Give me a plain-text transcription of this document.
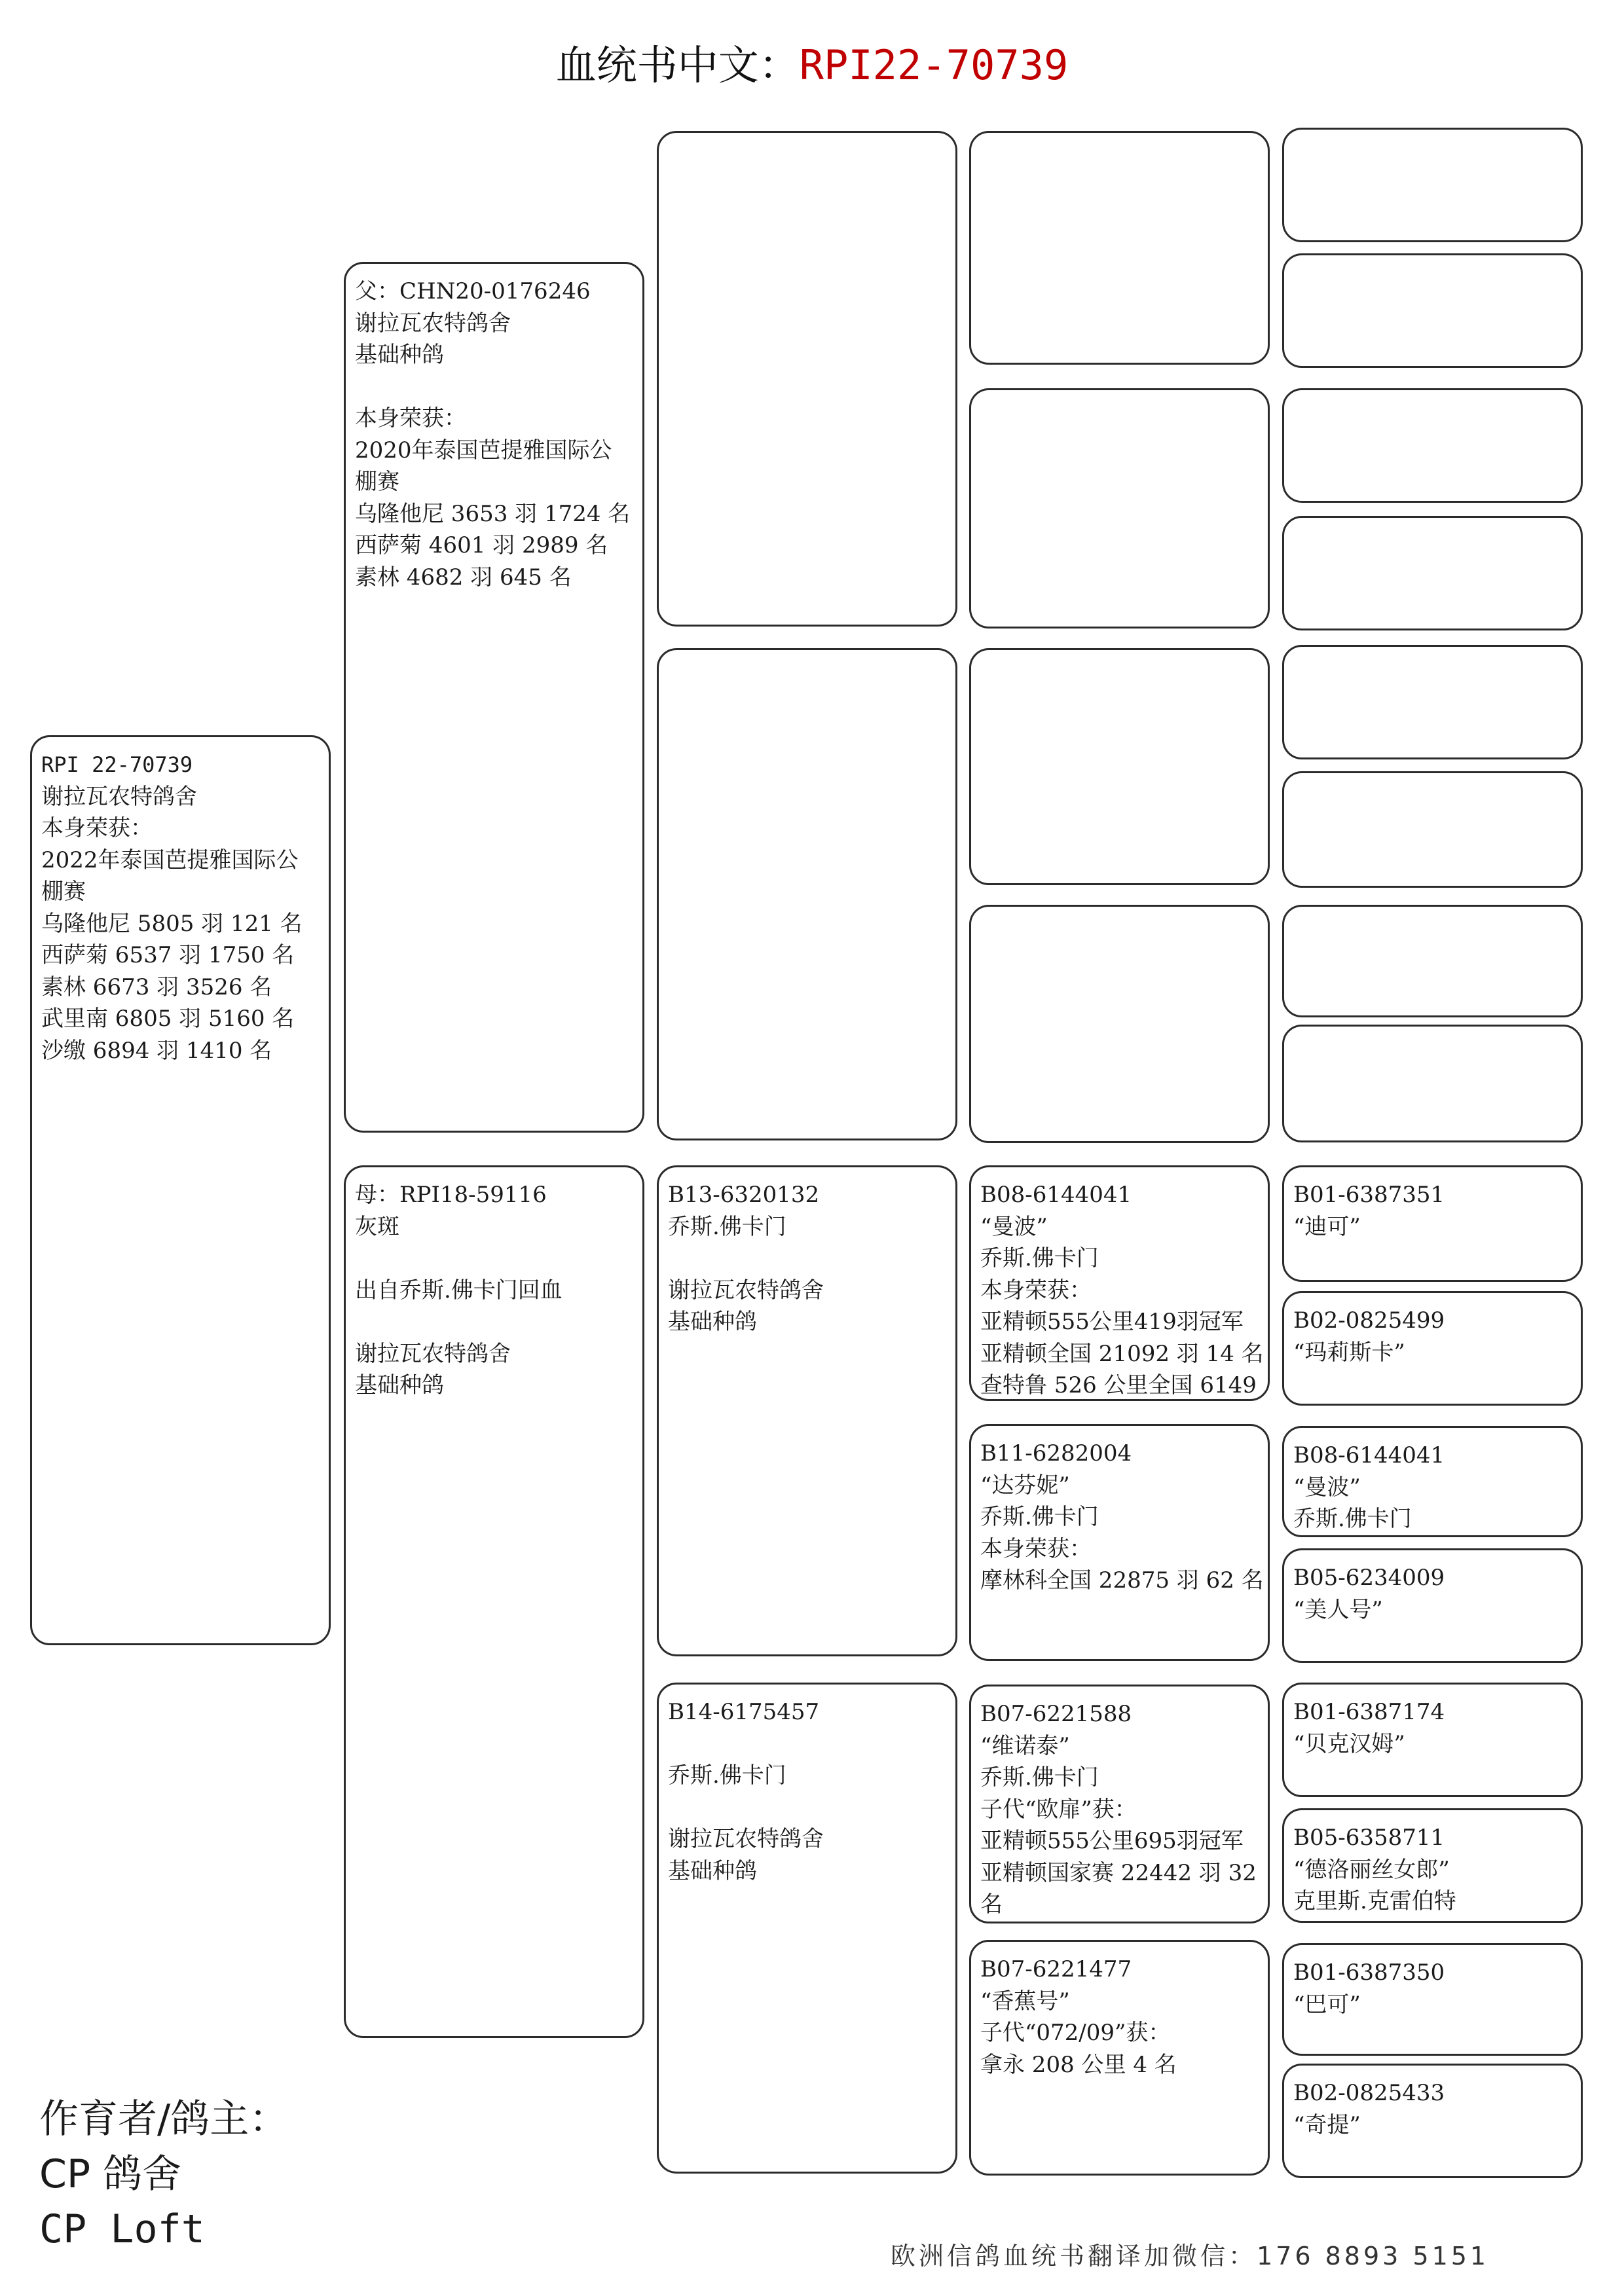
血统书中文：RPI22-70739
RPI 22-70739
谢拉瓦农特鸽舍
本身荣获：
2022年泰国芭提雅国际公
棚赛
乌隆他尼 5805 羽 121 名
西萨菊 6537 羽 1750 名
素林 6673 羽 3526 名
武里南 6805 羽 5160 名
沙缴 6894 羽 1410 名
父：CHN20-0176246
谢拉瓦农特鸽舍
基础种鸽
本身荣获：
2020年泰国芭提雅国际公
棚赛
乌隆他尼 3653 羽 1724 名
西萨菊 4601 羽 2989 名
素林 4682 羽 645 名
母：RPI18-59116
灰斑
出自乔斯.佛卡门回血
谢拉瓦农特鸽舍
基础种鸽
B13-6320132
乔斯.佛卡门
谢拉瓦农特鸽舍
基础种鸽
B14-6175457
乔斯.佛卡门
谢拉瓦农特鸽舍
基础种鸽
B08-6144041
“曼波”
乔斯.佛卡门
本身荣获：
亚精顿555公里419羽冠军
亚精顿全国 21092 羽 14 名
查特鲁 526 公里全国 6149
B11-6282004
“达芬妮”
乔斯.佛卡门
本身荣获：
摩林科全国 22875 羽 62 名
B07-6221588
“维诺泰”
乔斯.佛卡门
子代“欧扉”获：
亚精顿555公里695羽冠军
亚精顿国家赛 22442 羽 32
名
B07-6221477
“香蕉号”
子代“072/09”获：
拿永 208 公里 4 名
B01-6387351
“迪可”
B02-0825499
“玛莉斯卡”
B08-6144041
“曼波”
乔斯.佛卡门
B05-6234009
“美人号”
B01-6387174
“贝克汉姆”
B05-6358711
“德洛丽丝女郎”
克里斯.克雷伯特
B01-6387350
“巴可”
B02-0825433
“奇提”
作育者/鸽主：
CP 鸽舍
CP Loft
欧洲信鸽血统书翻译加微信：176 8893 5151
